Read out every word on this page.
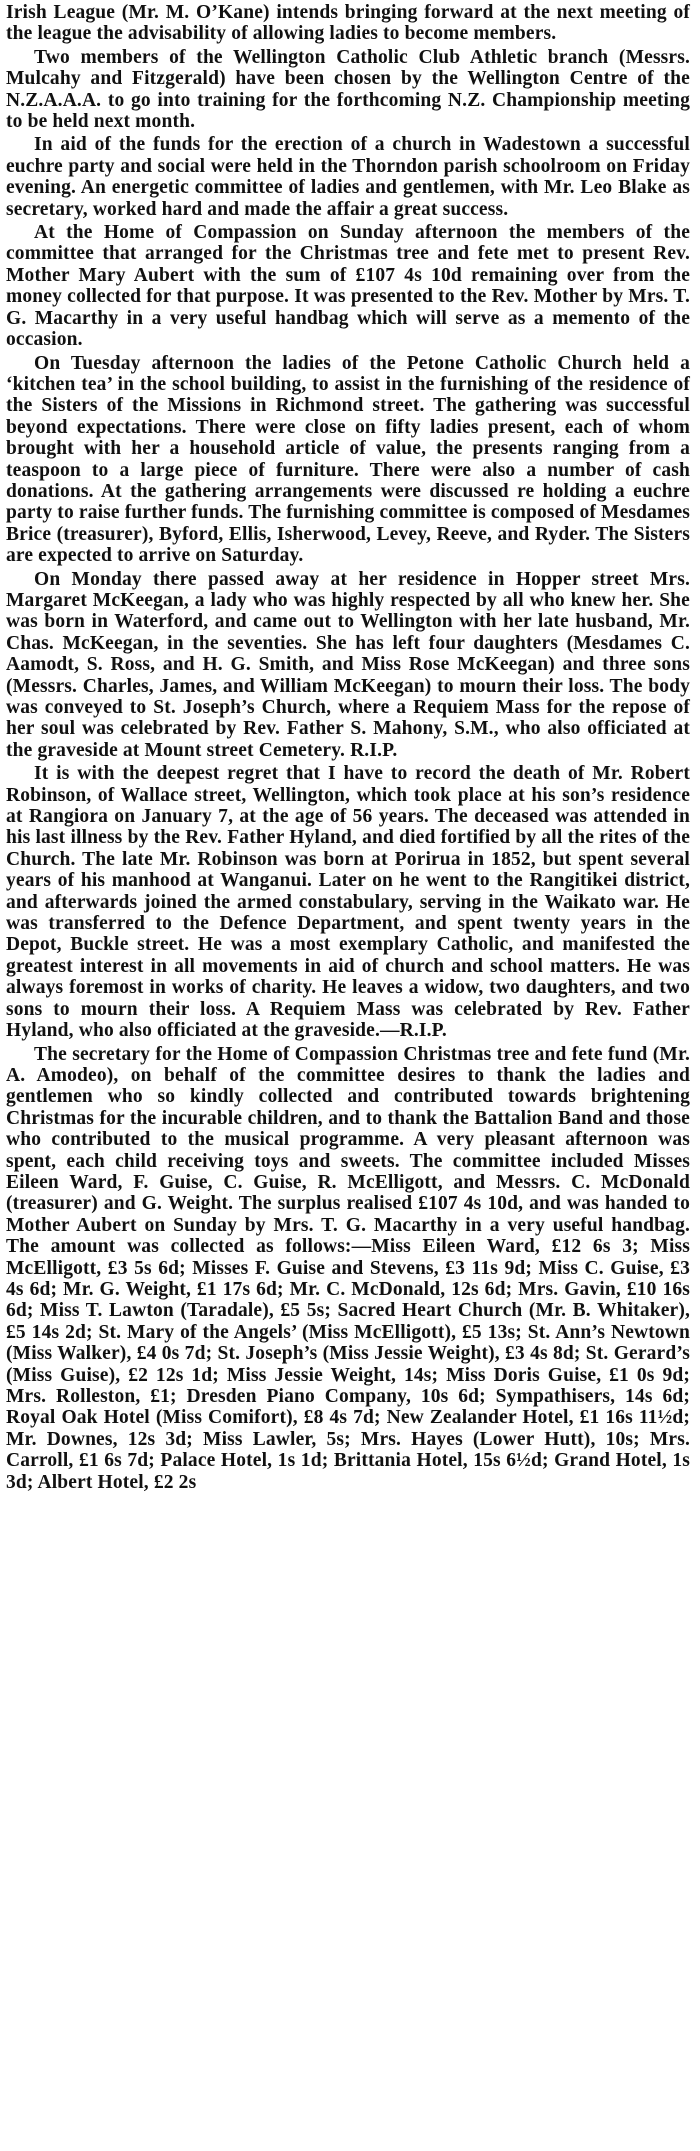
Irish League (Mr. M. O’Kane) intends bringing forward at the next meeting of the league the advisability of allowing ladies to become members.

Two members of the Wellington Catholic Club Athletic branch (Messrs. Mulcahy and Fitzgerald) have been chosen by the Wellington Centre of the N.Z.A.A.A. to go into training for the forthcoming N.Z. Championship meeting to be held next month.

In aid of the funds for the erection of a church in Wadestown a successful euchre party and social were held in the Thorndon parish schoolroom on Friday evening. An energetic committee of ladies and gentlemen, with Mr. Leo Blake as secretary, worked hard and made the affair a great success.

At the Home of Compassion on Sunday afternoon the members of the committee that arranged for the Christmas tree and fete met to present Rev. Mother Mary Aubert with the sum of £107 4s 10d remaining over from the money collected for that purpose. It was presented to the Rev. Mother by Mrs. T. G. Macarthy in a very useful handbag which will serve as a memento of the occasion.

On Tuesday afternoon the ladies of the Petone Catholic Church held a ‘kitchen tea’ in the school building, to assist in the furnishing of the residence of the Sisters of the Missions in Richmond street. The gathering was successful beyond expectations. There were close on fifty ladies present, each of whom brought with her a household article of value, the presents ranging from a teaspoon to a large piece of furniture. There were also a number of cash donations. At the gathering arrangements were discussed re holding a euchre party to raise further funds. The furnishing committee is composed of Mesdames Brice (treasurer), Byford, Ellis, Isherwood, Levey, Reeve, and Ryder. The Sisters are expected to arrive on Saturday.

On Monday there passed away at her residence in Hopper street Mrs. Margaret McKeegan, a lady who was highly respected by all who knew her. She was born in Waterford, and came out to Wellington with her late husband, Mr. Chas. McKeegan, in the seventies. She has left four daughters (Mesdames C. Aamodt, S. Ross, and H. G. Smith, and Miss Rose McKeegan) and three sons (Messrs. Charles, James, and William McKeegan) to mourn their loss. The body was conveyed to St. Joseph’s Church, where a Requiem Mass for the repose of her soul was celebrated by Rev. Father S. Mahony, S.M., who also officiated at the graveside at Mount street Cemetery. R.I.P.

It is with the deepest regret that I have to record the death of Mr. Robert Robinson, of Wallace street, Wellington, which took place at his son’s residence at Rangiora on January 7, at the age of 56 years. The deceased was attended in his last illness by the Rev. Father Hyland, and died fortified by all the rites of the Church. The late Mr. Robinson was born at Porirua in 1852, but spent several years of his manhood at Wanganui. Later on he went to the Rangitikei district, and afterwards joined the armed constabulary, serving in the Waikato war. He was transferred to the Defence Department, and spent twenty years in the Depot, Buckle street. He was a most exemplary Catholic, and manifested the greatest interest in all movements in aid of church and school matters. He was always foremost in works of charity. He leaves a widow, two daughters, and two sons to mourn their loss. A Requiem Mass was celebrated by Rev. Father Hyland, who also officiated at the graveside.—R.I.P.

The secretary for the Home of Compassion Christmas tree and fete fund (Mr. A. Amodeo), on behalf of the committee desires to thank the ladies and gentlemen who so kindly collected and contributed towards brightening Christmas for the incurable children, and to thank the Battalion Band and those who contributed to the musical programme. A very pleasant afternoon was spent, each child receiving toys and sweets. The committee included Misses Eileen Ward, F. Guise, C. Guise, R. McElligott, and Messrs. C. McDonald (treasurer) and G. Weight. The surplus realised £107 4s 10d, and was handed to Mother Aubert on Sunday by Mrs. T. G. Macarthy in a very useful handbag. The amount was collected as follows:—Miss Eileen Ward, £12 6s 3; Miss McElligott, £3 5s 6d; Misses F. Guise and Stevens, £3 11s 9d; Miss C. Guise, £3 4s 6d; Mr. G. Weight, £1 17s 6d; Mr. C. McDonald, 12s 6d; Mrs. Gavin, £10 16s 6d; Miss T. Lawton (Taradale), £5 5s; Sacred Heart Church (Mr. B. Whitaker), £5 14s 2d; St. Mary of the Angels’ (Miss McElligott), £5 13s; St. Ann’s Newtown (Miss Walker), £4 0s 7d; St. Joseph’s (Miss Jessie Weight), £3 4s 8d; St. Gerard’s (Miss Guise), £2 12s 1d; Miss Jessie Weight, 14s; Miss Doris Guise, £1 0s 9d; Mrs. Rolleston, £1; Dresden Piano Company, 10s 6d; Sympathisers, 14s 6d; Royal Oak Hotel (Miss Comifort), £8 4s 7d; New Zealander Hotel, £1 16s 11½d; Mr. Downes, 12s 3d; Miss Lawler, 5s; Mrs. Hayes (Lower Hutt), 10s; Mrs. Carroll, £1 6s 7d; Palace Hotel, 1s 1d; Brittania Hotel, 15s 6½d; Grand Hotel, 1s 3d; Albert Hotel, £2 2s
